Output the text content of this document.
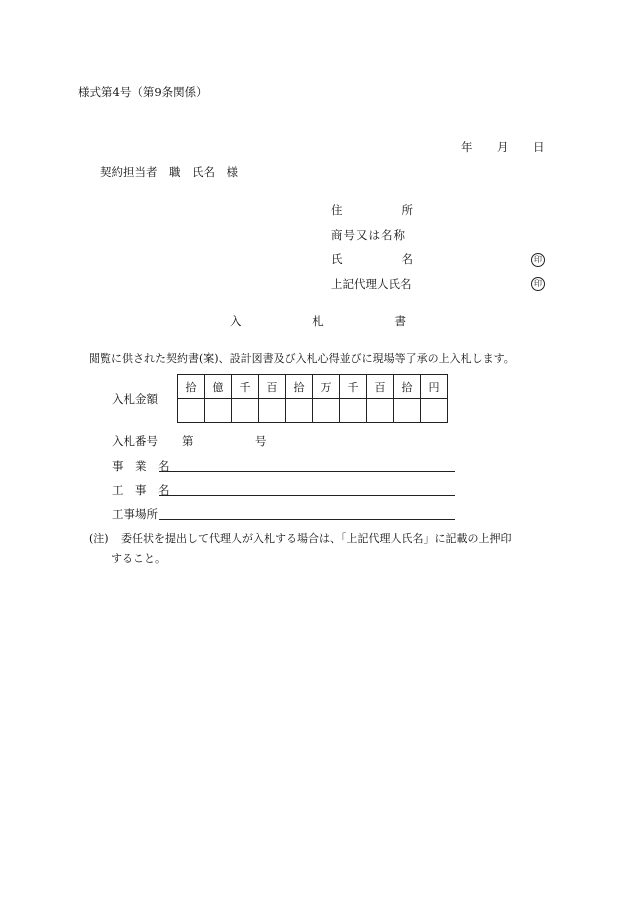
様式第4号（第9条関係）
年 月 日
契約担当者　職　氏名　様
住	所
商号又は名称
氏	名	印
上記代理人氏名	印
入	札	書
閲覧に供された契約書(案)、設計図書及び入札心得並びに現場等了承の上入札します。
入札金額
拾	億	千	百	拾	万	千	百	拾	円

入札番号 第	号
事　業　名
工　事　名
工事場所
(注) 委任状を提出して代理人が入札する場合は、「上記代理人氏名」に記載の上押印
すること。
